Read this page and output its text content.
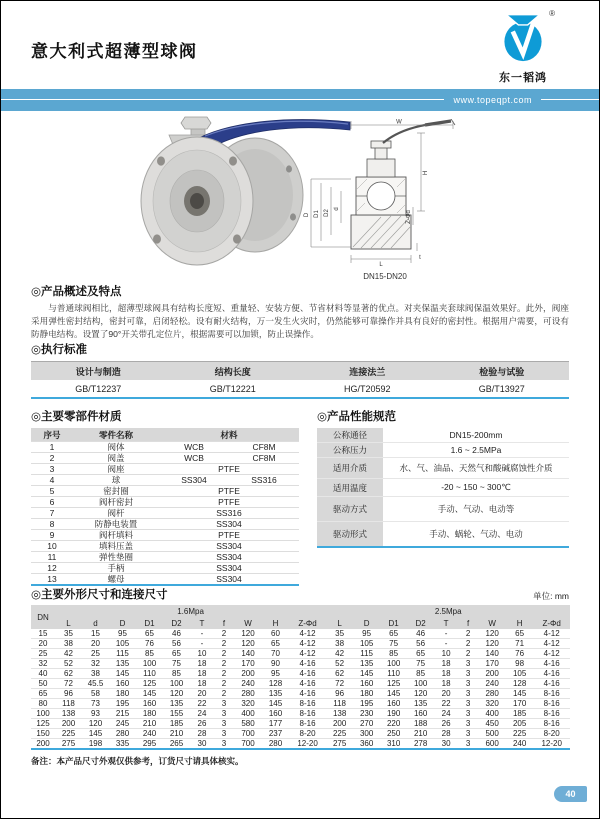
意大利式超薄型球阀
®
东一韬鸿
www.topeqpt.com
W
H
D D1 D2
d
Z-Φd
L
t
DN15-DN20
◎产品概述及特点

与普通球阀相比，超薄型球阀具有结构长度短、重量轻、安装方便、节省材料等显著的优点。对夹保温夹套球阀保温效果好。此外，阀座采用弹性密封结构，密封可靠，启闭轻松。设有耐火结构，万一发生火灾时，仍然能够可靠操作并具有良好的密封性。根据用户需要，可设有防静电结构。设置了90°开关带孔定位片，根据需要可以加锁，防止误操作。

◎执行标准
设计与制造	结构长度	连接法兰	检验与试验
GB/T12237	GB/T12221	HG/T20592	GB/T13927
◎主要零部件材质
序号	零件名称	材料	
1	阀体	WCB	CF8M
2	阀盖	WCB	CF8M
3	阀座	PTFE	
4	球	SS304	SS316
5	密封圈	PTFE	
6	阀杆密封	PTFE	
7	阀杆	SS316	
8	防静电装置	SS304	
9	阀杆填料	PTFE	
10	填料压盖	SS304	
11	弹性垫圈	SS304	
12	手柄	SS304	
13	螺母	SS304	
◎产品性能规范
公称通径	DN15-200mm
公称压力	1.6 ~ 2.5MPa
适用介质	水、气、油品、天然气和酸碱腐蚀性介质
适用温度	-20 ~ 150 ~ 300℃
驱动方式	手动、气动、电动等
驱动形式	手动、蜗轮、气动、电动
◎主要外形尺寸和连接尺寸	单位: mm
DN	1.6Mpa										2.5Mpa								
	L	d	D	D1	D2	T	f	W	H	Z-Φd	L	D	D1	D2	T	f	W	H	Z-Φd
15	35	15	95	65	46	-	2	120	60	4-12	35	95	65	46	-	2	120	65	4-12
20	38	20	105	76	56	-	2	120	65	4-12	38	105	75	56	-	2	120	71	4-12
25	42	25	115	85	65	10	2	140	70	4-12	42	115	85	65	10	2	140	76	4-12
32	52	32	135	100	75	18	2	170	90	4-16	52	135	100	75	18	3	170	98	4-16
40	62	38	145	110	85	18	2	200	95	4-16	62	145	110	85	18	3	200	105	4-16
50	72	45.5	160	125	100	18	2	240	128	4-16	72	160	125	100	18	3	240	128	4-16
65	96	58	180	145	120	20	2	280	135	4-16	96	180	145	120	20	3	280	145	8-16
80	118	73	195	160	135	22	3	320	145	8-16	118	195	160	135	22	3	320	170	8-16
100	138	93	215	180	155	24	3	400	160	8-16	138	230	190	160	24	3	400	185	8-16
125	200	120	245	210	185	26	3	580	177	8-16	200	270	220	188	26	3	450	205	8-16
150	225	145	280	240	210	28	3	700	237	8-20	225	300	250	210	28	3	500	225	8-20
200	275	198	335	295	265	30	3	700	280	12-20	275	360	310	278	30	3	600	240	12-20

备注：本产品尺寸外观仅供参考，订货尺寸请具体核实。

40
